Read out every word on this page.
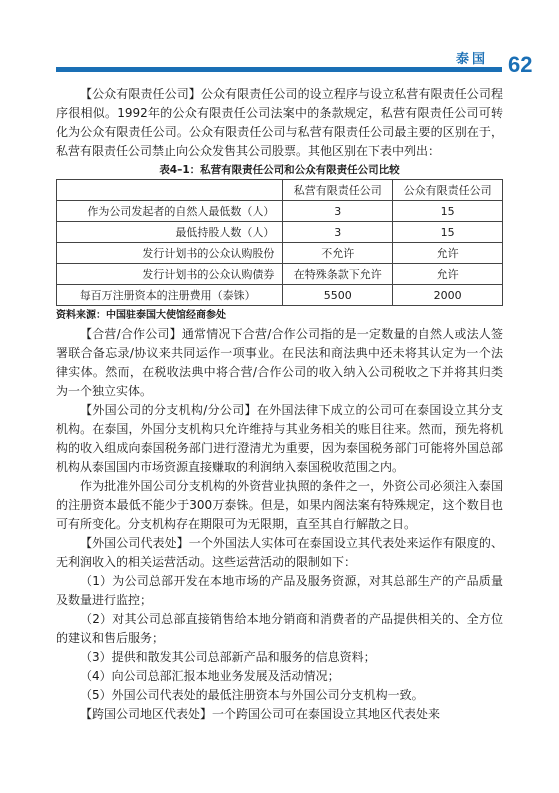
泰国 62

【公众有限责任公司】公众有限责任公司的设立程序与设立私营有限责任公司程序很相似。1992年的公众有限责任公司法案中的条款规定，私营有限责任公司可转化为公众有限责任公司。公众有限责任公司与私营有限责任公司最主要的区别在于，私营有限责任公司禁止向公众发售其公司股票。其他区别在下表中列出：

表4–1：私营有限责任公司和公众有限责任公司比较
	私营有限责任公司	公众有限责任公司
作为公司发起者的自然人最低数（人）	3	15
最低持股人数（人）	3	15
发行计划书的公众认购股份	不允许	允许
发行计划书的公众认购债券	在特殊条款下允许	允许
每百万注册资本的注册费用（泰铢）	5500	2000
资料来源：中国驻泰国大使馆经商参处

【合营/合作公司】通常情况下合营/合作公司指的是一定数量的自然人或法人签署联合备忘录/协议来共同运作一项事业。在民法和商法典中还未将其认定为一个法律实体。然而，在税收法典中将合营/合作公司的收入纳入公司税收之下并将其归类为一个独立实体。

【外国公司的分支机构/分公司】在外国法律下成立的公司可在泰国设立其分支机构。在泰国，外国分支机构只允许维持与其业务相关的账目往来。然而，预先将机构的收入组成向泰国税务部门进行澄清尤为重要，因为泰国税务部门可能将外国总部机构从泰国国内市场资源直接赚取的利润纳入泰国税收范围之内。

作为批准外国公司分支机构的外资营业执照的条件之一，外资公司必须注入泰国的注册资本最低不能少于300万泰铢。但是，如果内阁法案有特殊规定，这个数目也可有所变化。分支机构存在期限可为无限期，直至其自行解散之日。

【外国公司代表处】一个外国法人实体可在泰国设立其代表处来运作有限度的、无利润收入的相关运营活动。这些运营活动的限制如下：

（1）为公司总部开发在本地市场的产品及服务资源，对其总部生产的产品质量及数量进行监控；

（2）对其公司总部直接销售给本地分销商和消费者的产品提供相关的、全方位的建议和售后服务；

（3）提供和散发其公司总部新产品和服务的信息资料；

（4）向公司总部汇报本地业务发展及活动情况；

（5）外国公司代表处的最低注册资本与外国公司分支机构一致。

【跨国公司地区代表处】一个跨国公司可在泰国设立其地区代表处来
